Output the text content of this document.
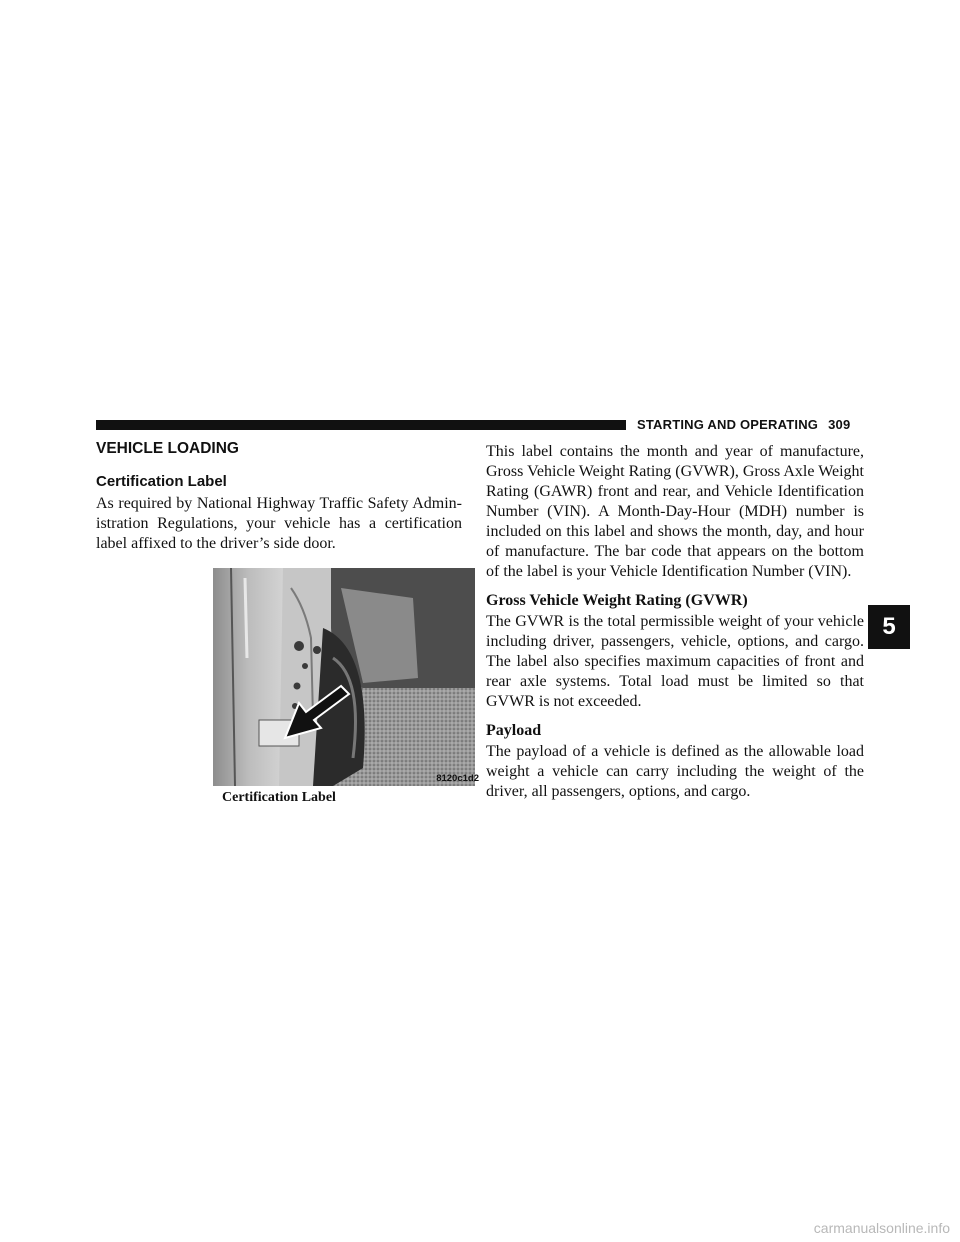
STARTING AND OPERATING 309
VEHICLE LOADING
Certification Label

As required by National Highway Traffic Safety Admin- istration Regulations, your vehicle has a certification label affixed to the driver’s side door.

8120c1d2
Certification Label

This label contains the month and year of manufacture, Gross Vehicle Weight Rating (GVWR), Gross Axle Weight Rating (GAWR) front and rear, and Vehicle Identification Number (VIN). A Month-Day-Hour (MDH) number is included on this label and shows the month, day, and hour of manufacture. The bar code that appears on the bottom of the label is your Vehicle Identification Number (VIN).

Gross Vehicle Weight Rating (GVWR)

The GVWR is the total permissible weight of your vehicle including driver, passengers, vehicle, options, and cargo. The label also specifies maximum capacities of front and rear axle systems. Total load must be limited so that GVWR is not exceeded.

Payload

The payload of a vehicle is defined as the allowable load weight a vehicle can carry including the weight of the driver, all passengers, options, and cargo.

5
carmanualsonline.info
